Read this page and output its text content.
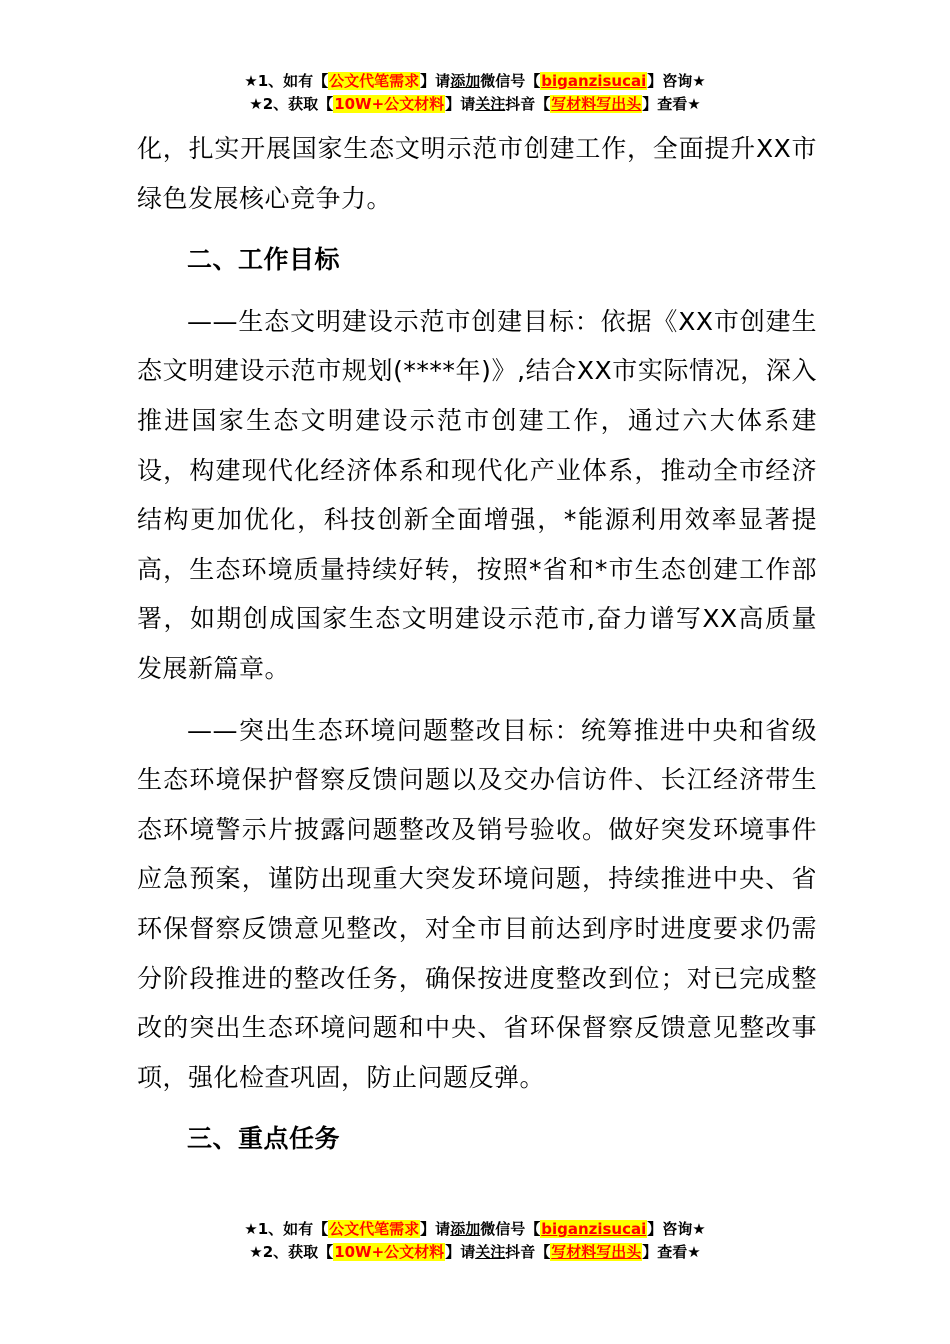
★1、如有【公文代笔需求】请添加微信号【biganzisucai】咨询★
★2、获取【10W+公文材料】请关注抖音【写材料写出头】查看★

化，扎实开展国家生态文明示范市创建工作，全面提升XX市绿色发展核心竞争力。

二、工作目标

——生态文明建设示范市创建目标：依据《XX市创建生态文明建设示范市规划(****年)》,结合XX市实际情况，深入推进国家生态文明建设示范市创建工作，通过六大体系建设，构建现代化经济体系和现代化产业体系，推动全市经济结构更加优化，科技创新全面增强，*能源利用效率显著提高，生态环境质量持续好转，按照*省和*市生态创建工作部署，如期创成国家生态文明建设示范市,奋力谱写XX高质量发展新篇章。

——突出生态环境问题整改目标：统筹推进中央和省级生态环境保护督察反馈问题以及交办信访件、长江经济带生态环境警示片披露问题整改及销号验收。做好突发环境事件应急预案，谨防出现重大突发环境问题，持续推进中央、省环保督察反馈意见整改，对全市目前达到序时进度要求仍需分阶段推进的整改任务，确保按进度整改到位；对已完成整改的突出生态环境问题和中央、省环保督察反馈意见整改事项，强化检查巩固，防止问题反弹。

三、重点任务

★1、如有【公文代笔需求】请添加微信号【biganzisucai】咨询★
★2、获取【10W+公文材料】请关注抖音【写材料写出头】查看★
